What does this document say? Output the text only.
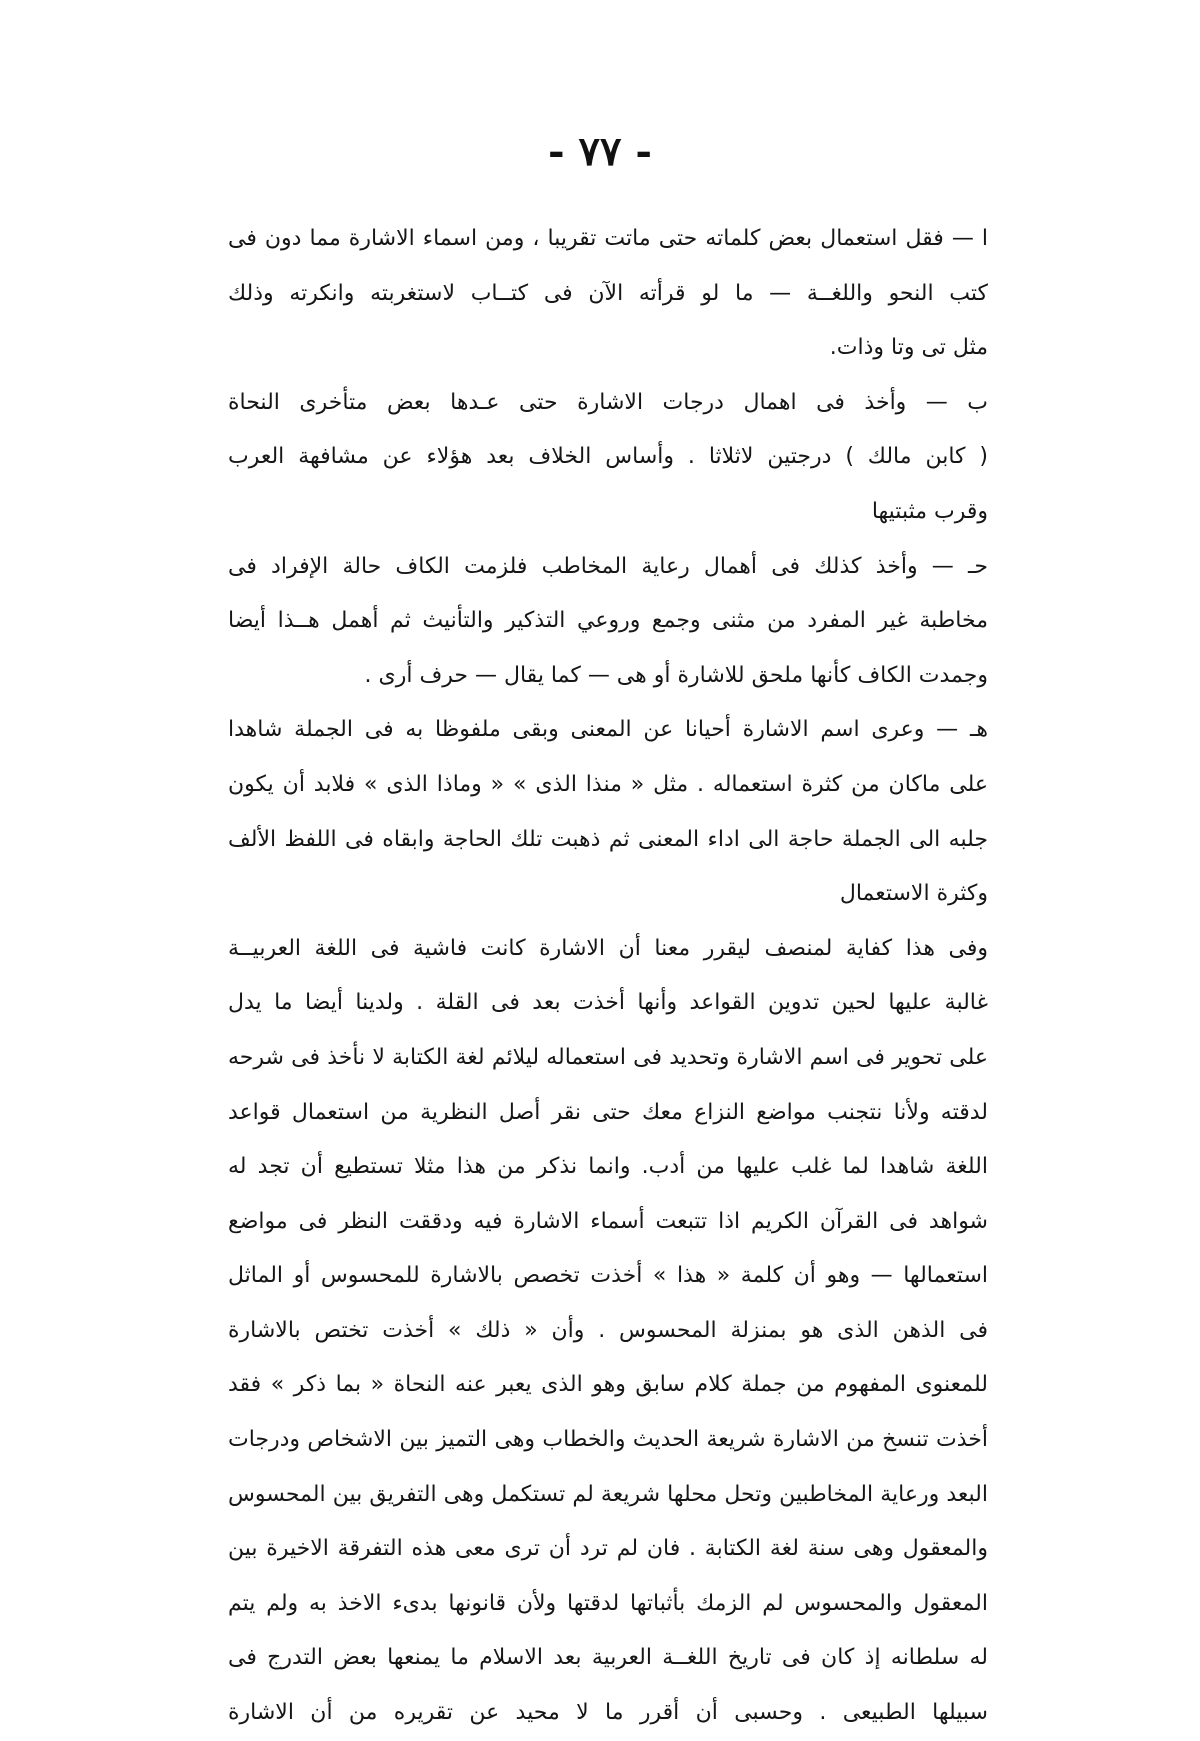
- ٧٧ -
ا — فقل استعمال بعض كلماته حتى ماتت تقريبا ، ومن اسماء الاشارة مما دون فى
كتب النحو واللغــة — ما لو قرأته الآن فى كتــاب لاستغربته وانكرته وذلك
مثل تى وتا وذات.
ب — وأخذ فى اهمال درجات الاشارة حتى عـدها بعض متأخرى النحاة
( كابن مالك ) درجتين لاثلاثا . وأساس الخلاف بعد هؤلاء عن مشافهة العرب
وقرب مثبتيها
حـ — وأخذ كذلك فى أهمال رعاية المخاطب فلزمت الكاف حالة الإفراد فى
مخاطبة غير المفرد من مثنى وجمع وروعي التذكير والتأنيث ثم أهمل هــذا أيضا
وجمدت الكاف كأنها ملحق للاشارة أو هى — كما يقال — حرف أرى .
هـ — وعرى اسم الاشارة أحيانا عن المعنى وبقى ملفوظا به فى الجملة شاهدا
على ماكان من كثرة استعماله . مثل « منذا الذى » « وماذا الذى » فلابد أن يكون
جلبه الى الجملة حاجة الى اداء المعنى ثم ذهبت تلك الحاجة وابقاه فى اللفظ الألف
وكثرة الاستعمال
وفى هذا كفاية لمنصف ليقرر معنا أن الاشارة كانت فاشية فى اللغة العربيــة
غالبة عليها لحين تدوين القواعد وأنها أخذت بعد فى القلة . ولدينا أيضا ما يدل
على تحوير فى اسم الاشارة وتحديد فى استعماله ليلائم لغة الكتابة لا نأخذ فى شرحه
لدقته ولأنا نتجنب مواضع النزاع معك حتى نقر أصل النظرية من استعمال قواعد
اللغة شاهدا لما غلب عليها من أدب. وانما نذكر من هذا مثلا تستطيع أن تجد له
شواهد فى القرآن الكريم اذا تتبعت أسماء الاشارة فيه ودققت النظر فى مواضع
استعمالها — وهو أن كلمة « هذا » أخذت تخصص بالاشارة للمحسوس أو الماثل
فى الذهن الذى هو بمنزلة المحسوس . وأن « ذلك » أخذت تختص بالاشارة
للمعنوى المفهوم من جملة كلام سابق وهو الذى يعبر عنه النحاة « بما ذكر » فقد
أخذت تنسخ من الاشارة شريعة الحديث والخطاب وهى التميز بين الاشخاص ودرجات
البعد ورعاية المخاطبين وتحل محلها شريعة لم تستكمل وهى التفريق بين المحسوس
والمعقول وهى سنة لغة الكتابة . فان لم ترد أن ترى معى هذه التفرقة الاخيرة بين
المعقول والمحسوس لم الزمك بأثباتها لدقتها ولأن قانونها بدىء الاخذ به ولم يتم
له سلطانه إذ كان فى تاريخ اللغــة العربية بعد الاسلام ما يمنعها بعض التدرج فى
سبيلها الطبيعى . وحسبى أن أقرر ما لا محيد عن تقريره من أن الاشارة
